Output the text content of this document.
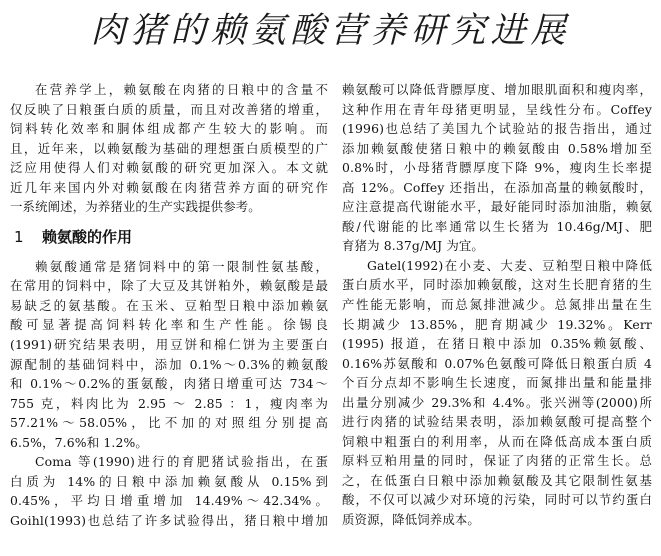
肉猪的赖氨酸营养研究进展
在营养学上，赖氨酸在肉猪的日粮中的含量不
仅反映了日粮蛋白质的质量，而且对改善猪的增重，
饲料转化效率和胴体组成都产生较大的影响。而
且，近年来，以赖氨酸为基础的理想蛋白质模型的广
泛应用使得人们对赖氨酸的研究更加深入。本文就
近几年来国内外对赖氨酸在肉猪营养方面的研究作
一系统阐述，为养猪业的生产实践提供参考。
1 赖氨酸的作用
赖氨酸通常是猪饲料中的第一限制性氨基酸，
在常用的饲料中，除了大豆及其饼粕外，赖氨酸是最
易缺乏的氨基酸。在玉米、豆粕型日粮中添加赖氨
酸可显著提高饲料转化率和生产性能。徐锡良
(1991)研究结果表明，用豆饼和棉仁饼为主要蛋白
源配制的基础饲料中，添加 0.1%～0.3%的赖氨酸
和 0.1%～0.2%的蛋氨酸，肉猪日增重可达 734～
755 克，料肉比为 2.95 ～ 2.85 ：1，瘦肉率为
57.21%～58.05%，比不加的对照组分别提高
6.5%，7.6%和 1.2%。
Coma 等(1990)进行的育肥猪试验指出，在蛋
白质为 14%的日粮中添加赖氨酸从 0.15%到
0.45%，平均日增重增加 14.49%～42.34%。
Goihl(1993)也总结了许多试验得出，猪日粮中增加
赖氨酸可以降低背膘厚度、增加眼肌面积和瘦肉率，
这种作用在青年母猪更明显，呈线性分布。Coffey
(1996)也总结了美国九个试验站的报告指出，通过
添加赖氨酸使猪日粮中的赖氨酸由 0.58%增加至
0.8%时，小母猪背膘厚度下降 9%，瘦肉生长率提
高 12%。Coffey 还指出，在添加高量的赖氨酸时，
应注意提高代谢能水平，最好能同时添加油脂，赖氨
酸/代谢能的比率通常以生长猪为 10.46g/MJ、肥
育猪为 8.37g/MJ 为宜。
Gatel(1992)在小麦、大麦、豆粕型日粮中降低
蛋白质水平，同时添加赖氨酸，这对生长肥育猪的生
产性能无影响，而总氮排泄减少。总氮排出量在生
长期减少 13.85%，肥育期减少 19.32%。Kerr
(1995) 报道，在猪日粮中添加 0.35%赖氨酸、
0.16%苏氨酸和 0.07%色氨酸可降低日粮蛋白质 4
个百分点却不影响生长速度，而氮排出量和能量排
出量分别减少 29.3%和 4.4%。张兴洲等(2000)所
进行肉猪的试验结果表明，添加赖氨酸可提高整个
饲粮中粗蛋白的利用率，从而在降低高成本蛋白质
原料豆粕用量的同时，保证了肉猪的正常生长。总
之，在低蛋白日粮中添加赖氨酸及其它限制性氨基
酸，不仅可以减少对环境的污染，同时可以节约蛋白
质资源，降低饲养成本。
